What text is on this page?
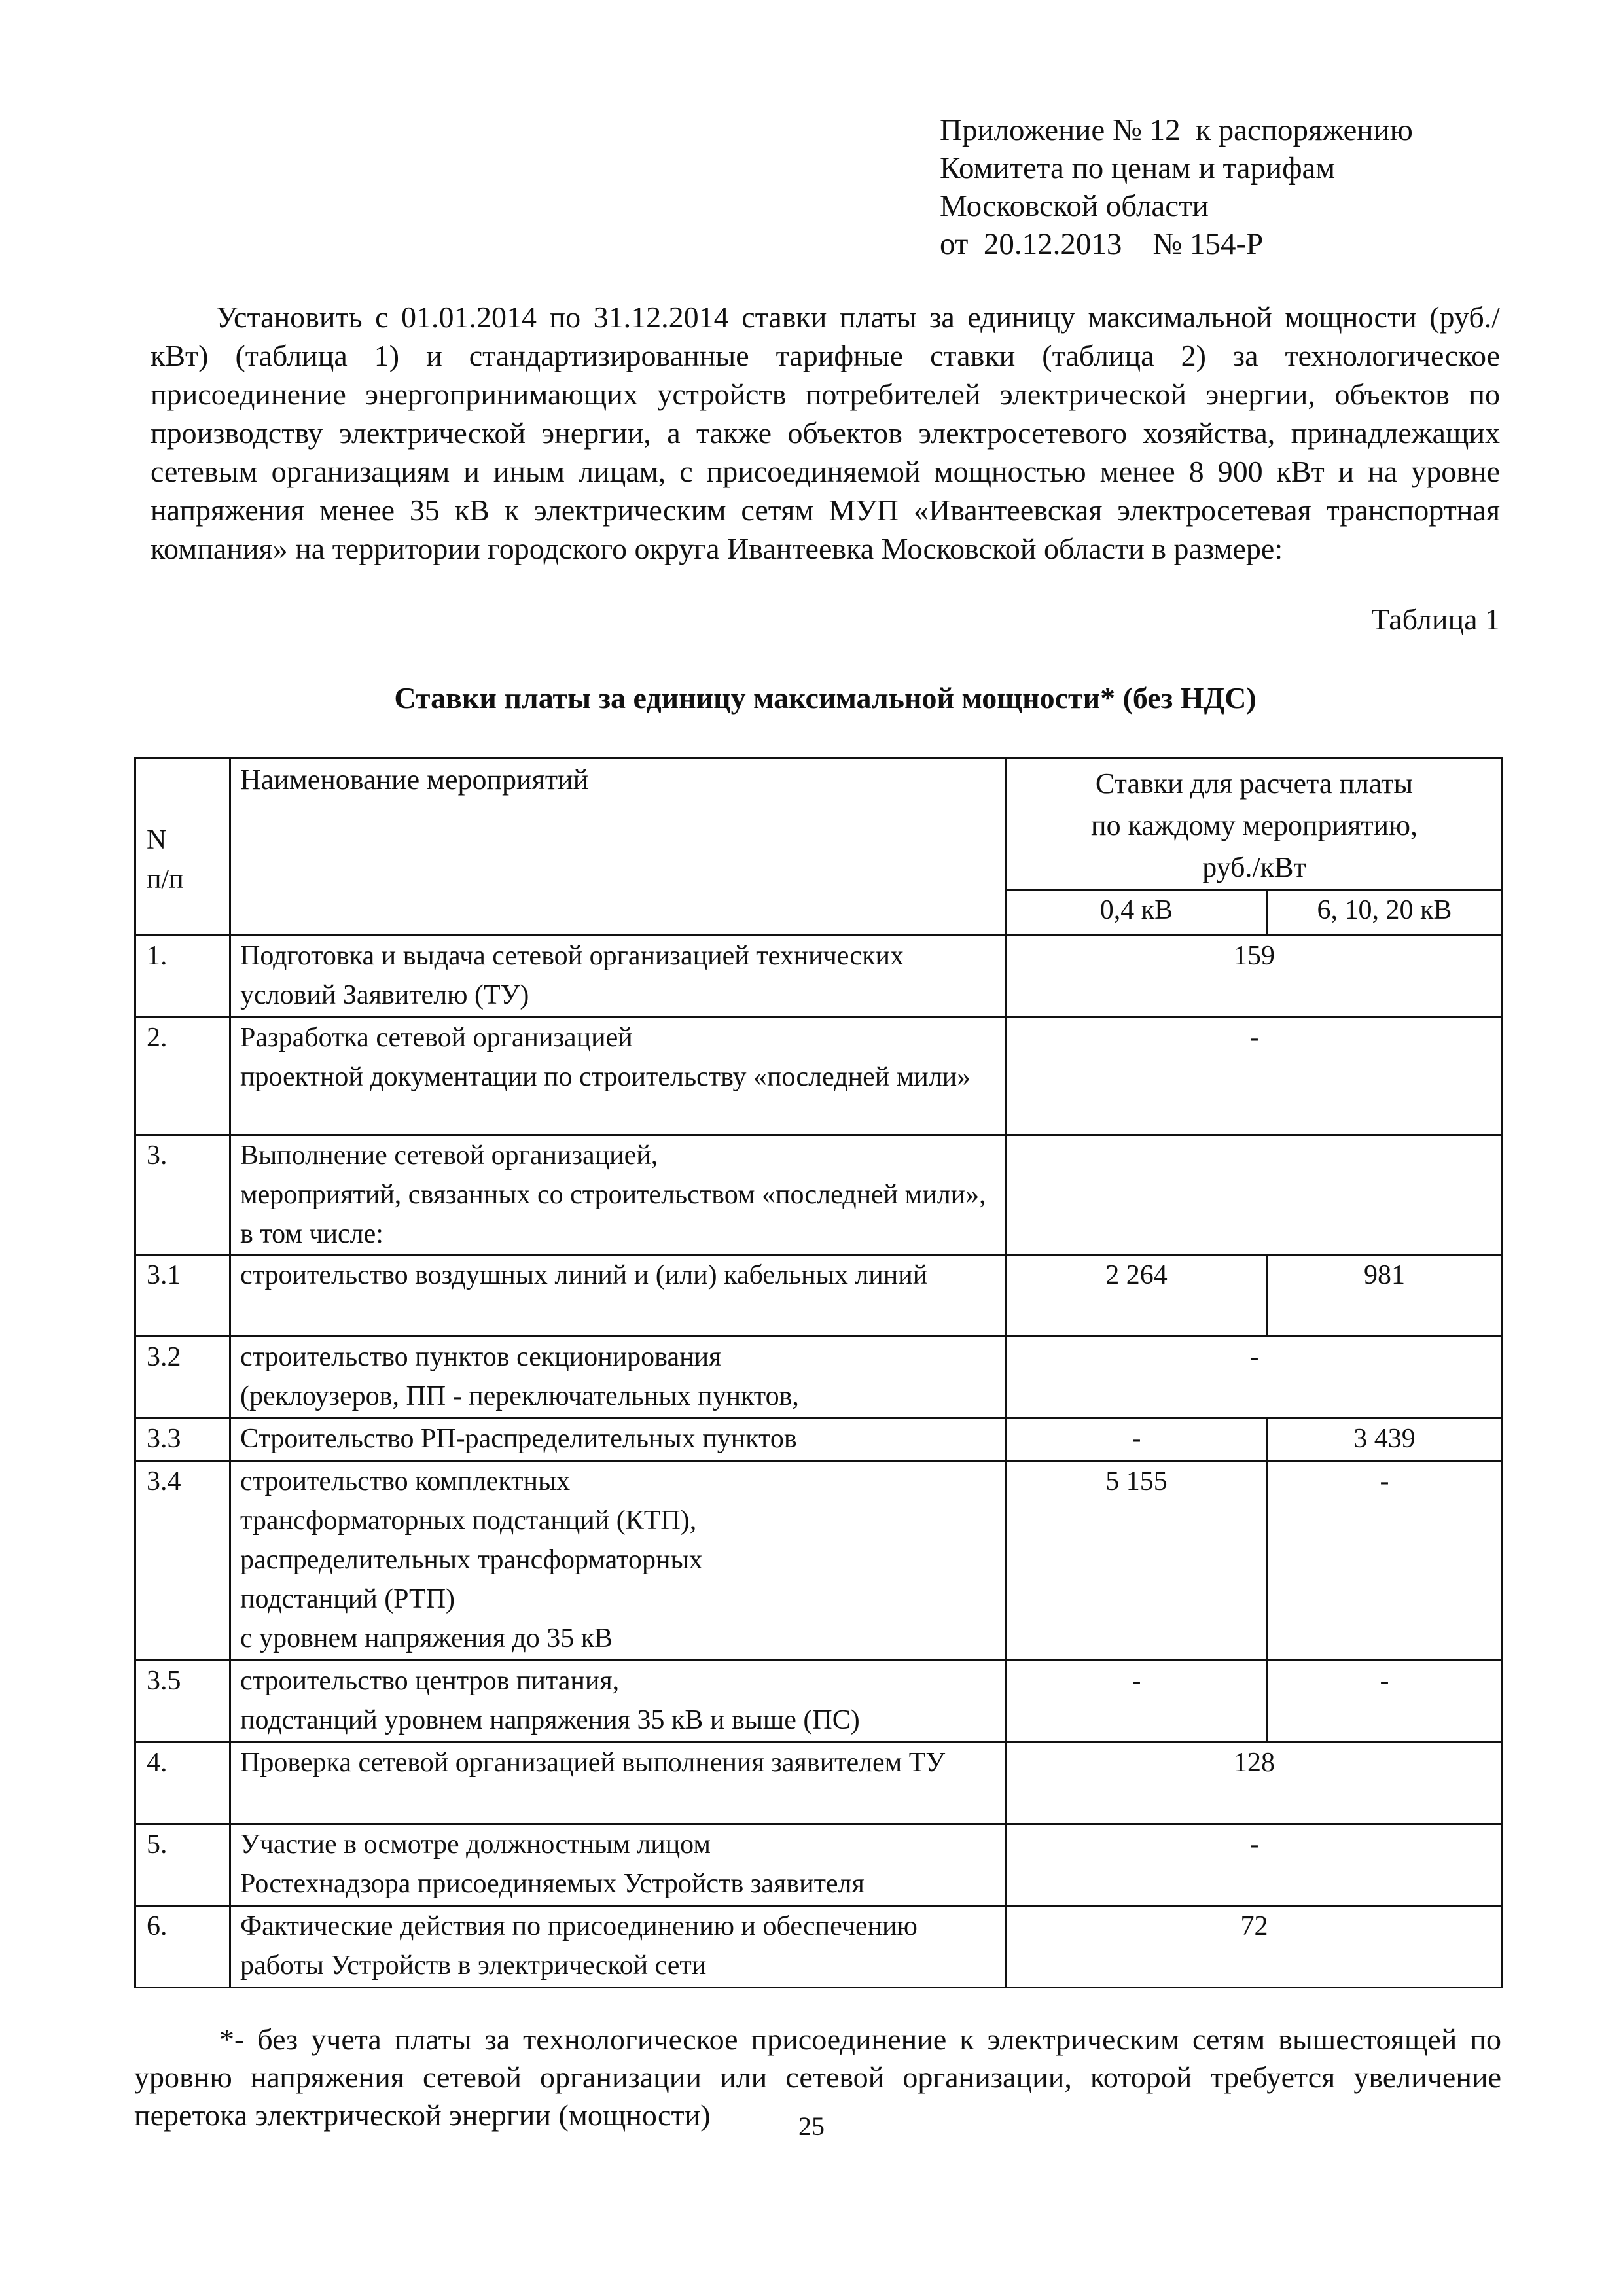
Приложение № 12  к распоряжению
Комитета по ценам и тарифам
Московской области
от  20.12.2013    № 154-Р
Установить с 01.01.2014 по 31.12.2014 ставки платы за единицу максимальной мощности (руб./кВт) (таблица 1) и стандартизированные тарифные ставки (таблица 2) за технологическое присоединение энергопринимающих устройств потребителей электрической энергии, объектов по производству электрической энергии, а также объектов электросетевого хозяйства, принадлежащих сетевым организациям и иным лицам, с присоединяемой мощностью менее 8 900 кВт и на уровне напряжения менее 35 кВ к электрическим сетям МУП «Ивантеевская электросетевая транспортная компания» на территории городского округа Ивантеевка Московской области в размере:
Таблица 1
Ставки платы за единицу максимальной мощности* (без НДС)
N
п/п	Наименование мероприятий	Ставки для расчета платы
по каждому мероприятию,
руб./кВт	
		0,4 кВ	6, 10, 20 кВ
1.	Подготовка и выдача сетевой организацией технических условий Заявителю (ТУ)	159	
2.	Разработка сетевой организацией
проектной документации по строительству «последней мили»	-	
3.	Выполнение сетевой организацией,
мероприятий, связанных со строительством «последней мили», в том числе:		
3.1	строительство воздушных линий и (или) кабельных линий	2 264	981
3.2	строительство пунктов секционирования
(реклоузеров, ПП - переключательных пунктов,	-	
3.3	Строительство РП-распределительных пунктов	-	3 439
3.4	строительство комплектных
трансформаторных подстанций (КТП),
распределительных трансформаторных
подстанций (РТП)
с уровнем напряжения до 35 кВ	5 155	-
3.5	строительство центров питания,
подстанций уровнем напряжения 35 кВ и выше (ПС)	-	-
4.	Проверка сетевой организацией выполнения заявителем ТУ	128	
5.	Участие в осмотре должностным лицом
Ростехнадзора присоединяемых Устройств заявителя	-	
6.	Фактические действия по присоединению и обеспечению работы Устройств в электрической сети	72	
*- без учета платы за технологическое присоединение к электрическим сетям вышестоящей по уровню напряжения сетевой организации или сетевой организации, которой требуется увеличение перетока электрической энергии (мощности)	25
